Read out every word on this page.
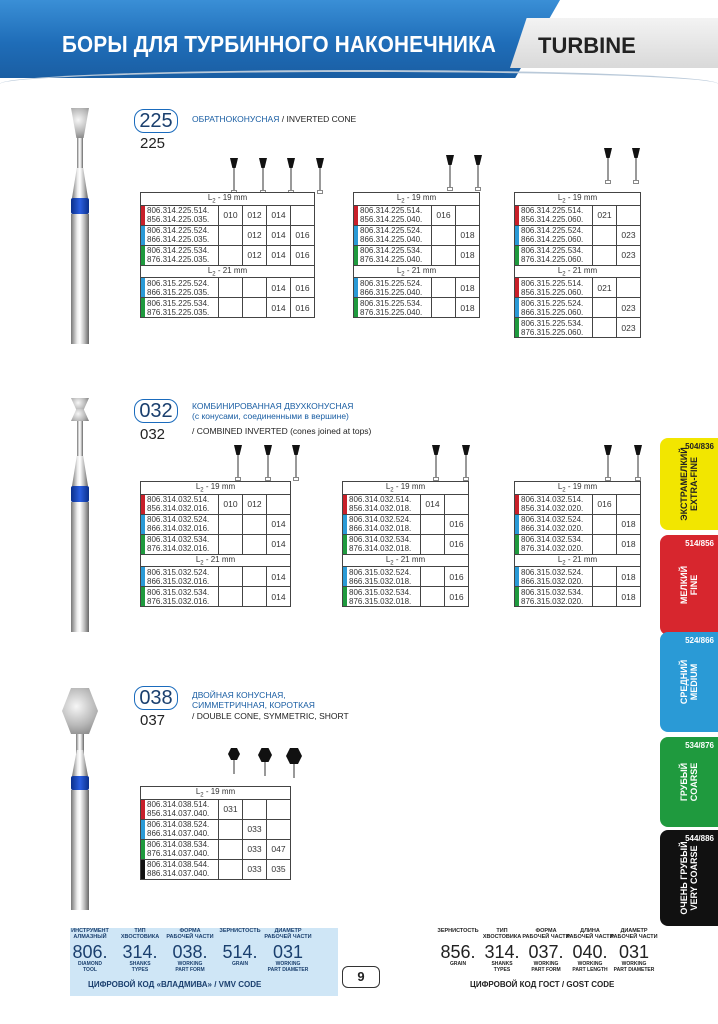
БОРЫ ДЛЯ ТУРБИННОГО НАКОНЕЧНИКА TURBINE
225
225
ОБРАТНОКОНУСНАЯ / INVERTED CONE
032
032
КОМБИНИРОВАННАЯ ДВУХКОНУСНАЯ
(с конусами, соединенными в вершине)
/ COMBINED INVERTED (cones joined at tops)
038
037
ДВОЙНАЯ КОНУСНАЯ,
СИММЕТРИЧНАЯ, КОРОТКАЯ
/ DOUBLE CONE, SYMMETRIC, SHORT
$L_2 - 19$ mm				

806.314.225.514.
856.314.225.035.	010	012	014	

806.314.225.524.
866.314.225.035.		012	014	016

806.314.225.534.
876.314.225.035.		012	014	016
$L_2 - 21$ mm				

806.315.225.524.
866.315.225.035.			014	016

806.315.225.534.
876.315.225.035.			014	016
$L_2 - 19$ mm		

806.314.225.514.
856.314.225.040.	016	

806.314.225.524.
866.314.225.040.		018

806.314.225.534.
876.314.225.040.		018
$L_2 - 21$ mm		

806.315.225.524.
866.315.225.040.		018

806.315.225.534.
876.315.225.040.		018
$L_2 - 19$ mm		

806.314.225.514.
856.314.225.060.	021	

806.314.225.524.
866.314.225.060.		023

806.314.225.534.
876.314.225.060.		023
$L_2 - 21$ mm		

806.315.225.514.
856.315.225.060.	021	

806.315.225.524.
866.315.225.060.		023

806.315.225.534.
876.315.225.060.		023
$L_2 - 19$ mm			

806.314.032.514.
856.314.032.016.	010	012	

806.314.032.524.
866.314.032.016.			014

806.314.032.534.
876.314.032.016.			014
$L_2 - 21$ mm			

806.315.032.524.
866.315.032.016.			014

806.315.032.534.
876.315.032.016.			014
$L_2 - 19$ mm		

806.314.032.514.
856.314.032.018.	014	

806.314.032.524.
866.314.032.018.		016

806.314.032.534.
876.314.032.018.		016
$L_2 - 21$ mm		

806.315.032.524.
866.315.032.018.		016

806.315.032.534.
876.315.032.018.		016
$L_2 - 19$ mm		

806.314.032.514.
856.314.032.020.	016	

806.314.032.524.
866.314.032.020.		018

806.314.032.534.
876.314.032.020.		018
$L_2 - 21$ mm		

806.315.032.524.
866.315.032.020.		018

806.315.032.534.
876.315.032.020.		018
$L_2 - 19$ mm			

806.314.038.514.
856.314.037.040.	031		

806.314.038.524.
866.314.037.040.		033	

806.314.038.534.
876.314.037.040.		033	047

806.314.038.544.
886.314.037.040.		033	035
504/836
ЭКСТРАМЕЛКИЙ EXTRA-FINE
514/856
МЕЛКИЙ FINE
524/866
СРЕДНИЙ MEDIUM
534/876
ГРУБЫЙ COARSE
544/886
ОЧЕНЬ ГРУБЫЙ VERY COARSE
ИНСТРУМЕНТ
АЛМАЗНЫЙ
806.
DIAMOND
TOOL
ТИП
ХВОСТОВИКА
314.
SHANKS
TYPES
ФОРМА
РАБОЧЕЙ ЧАСТИ
038.
WORKING
PART FORM
ЗЕРНИСТОСТЬ

514.
GRAIN

ДИАМЕТР
РАБОЧЕЙ ЧАСТИ
031
WORKING
PART DIAMETER
ЗЕРНИСТОСТЬ

856.
GRAIN

ТИП
ХВОСТОВИКА
314.
SHANKS
TYPES
ФОРМА
РАБОЧЕЙ ЧАСТИ
037.
WORKING
PART FORM
ДЛИНА
РАБОЧЕЙ ЧАСТИ
040.
WORKING
PART LENGTH
ДИАМЕТР
РАБОЧЕЙ ЧАСТИ
031
WORKING
PART DIAMETER
ЦИФРОВОЙ КОД «ВЛАДМИВА» / VMV CODE	ЦИФРОВОЙ КОД ГОСТ / GOST CODE
9
